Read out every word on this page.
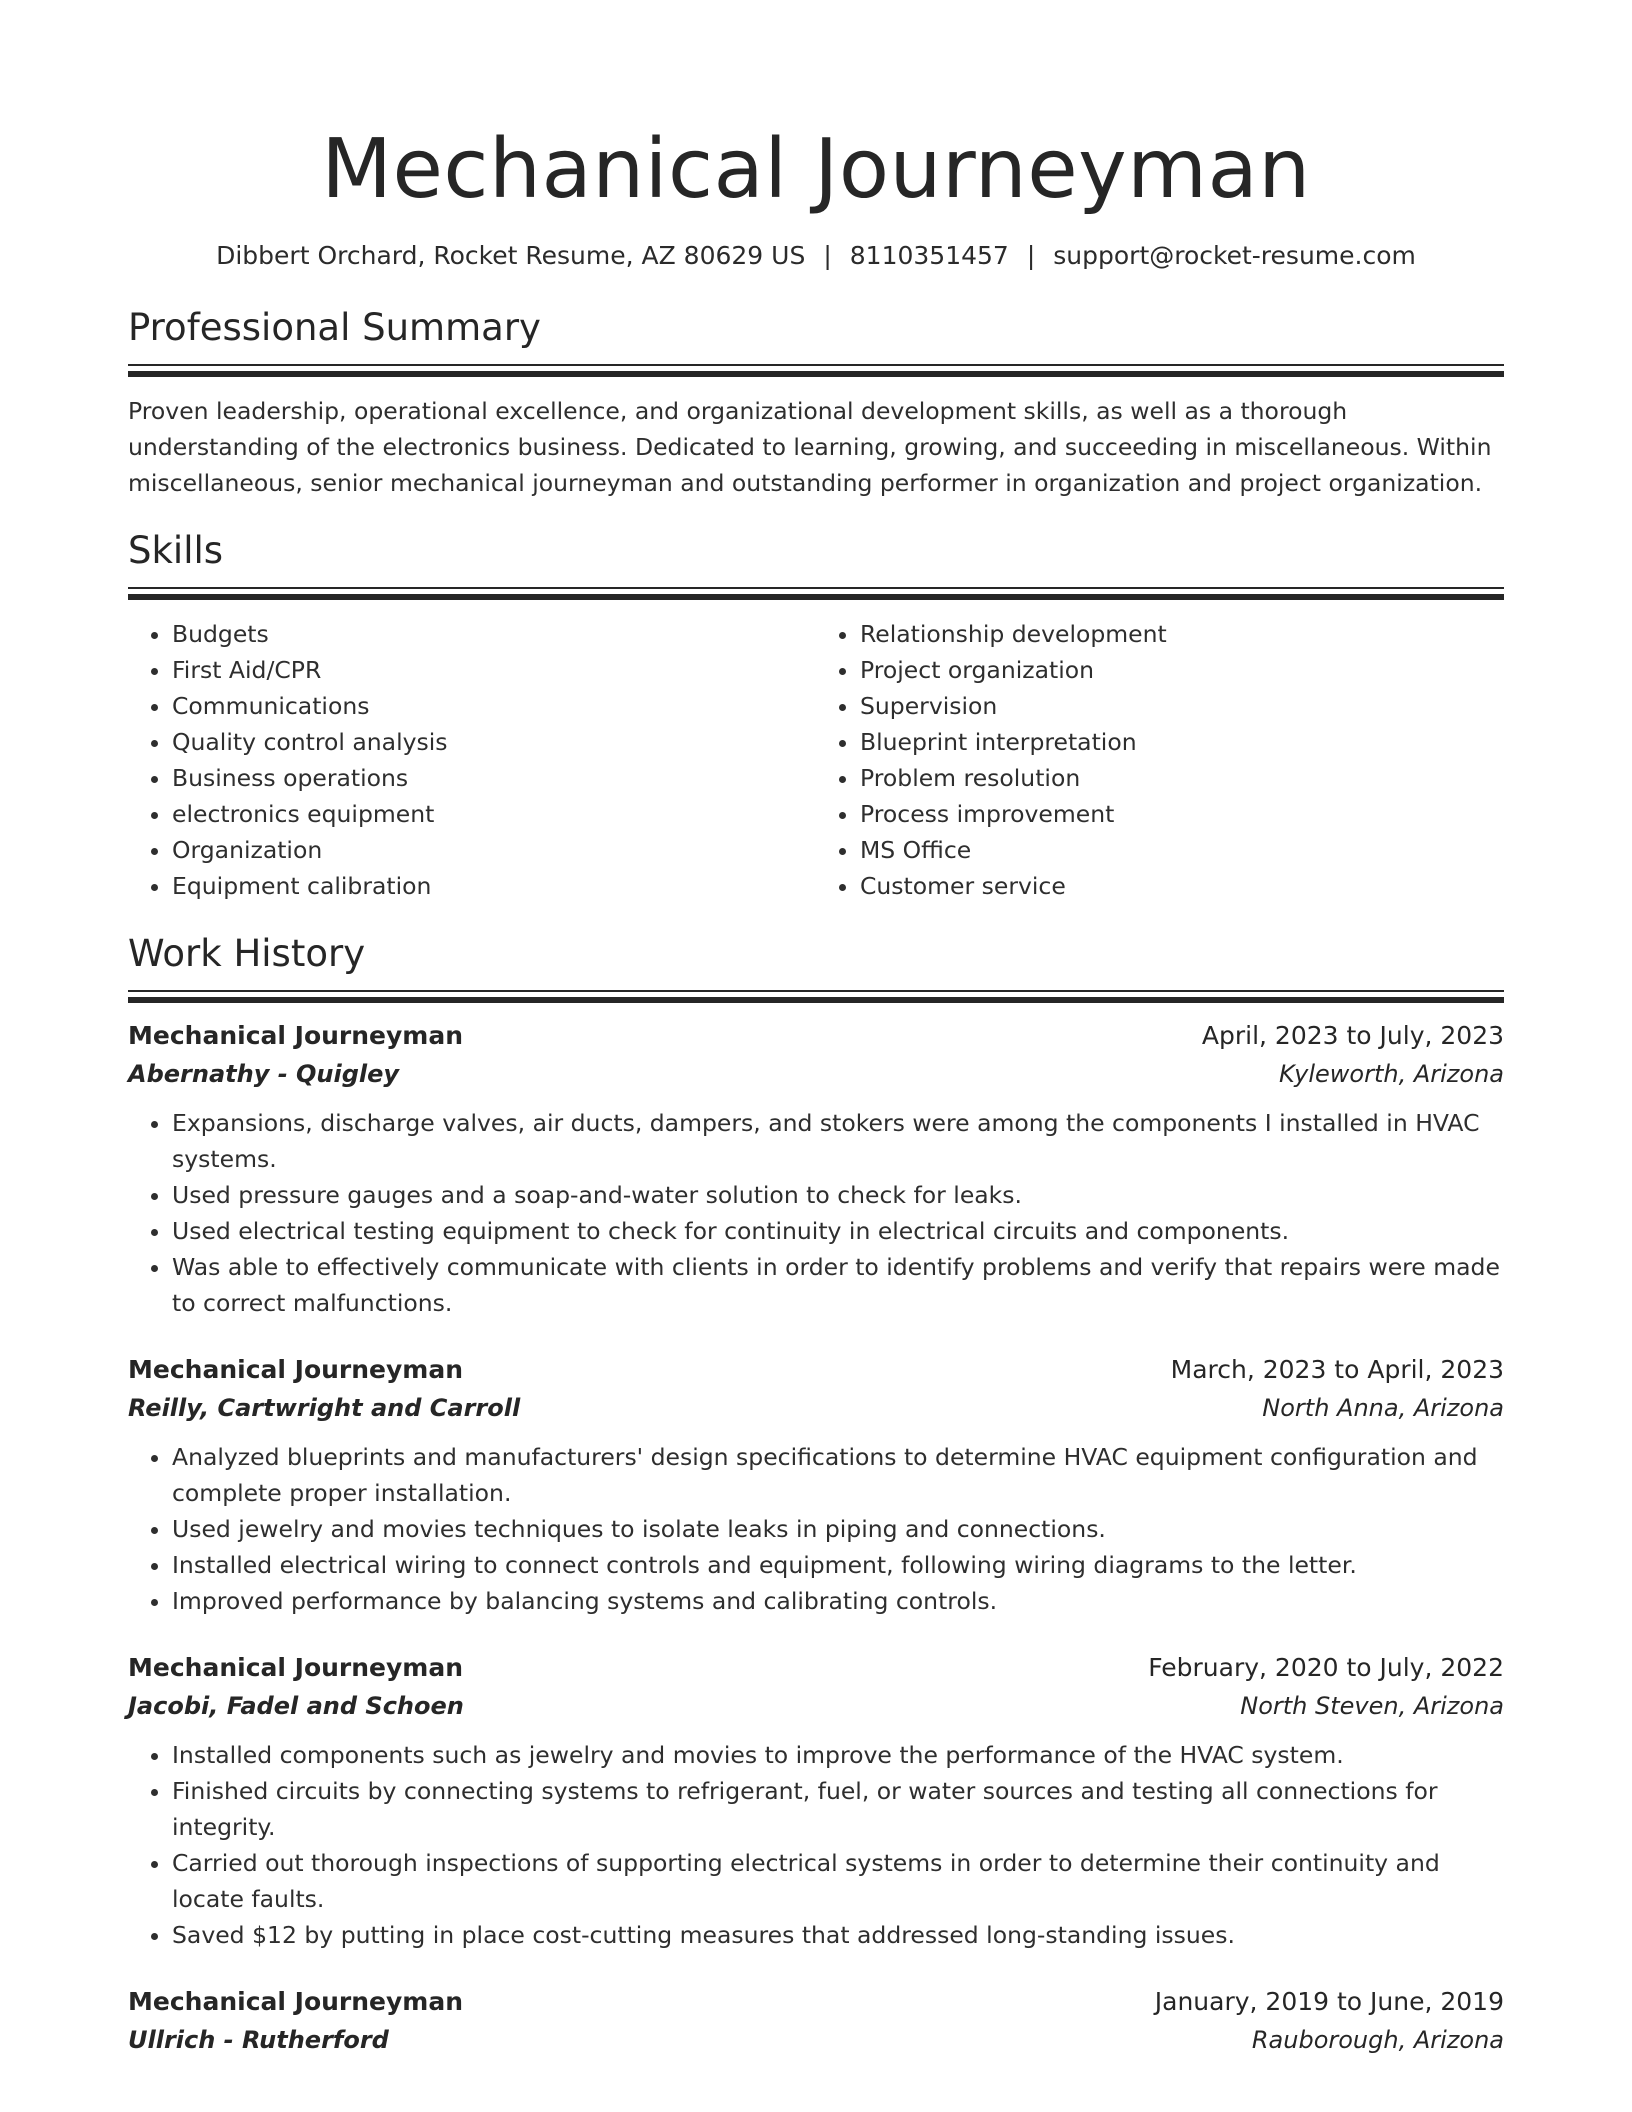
Mechanical Journeyman
Dibbert Orchard, Rocket Resume, AZ 80629 US | 8110351457 | support@rocket-resume.com
Professional Summary

Proven leadership, operational excellence, and organizational development skills, as well as a thorough understanding of the electronics business. Dedicated to learning, growing, and succeeding in miscellaneous. Within miscellaneous, senior mechanical journeyman and outstanding performer in organization and project organization.

Skills
• Budgets
• First Aid/CPR
• Communications
• Quality control analysis
• Business operations
• electronics equipment
• Organization
• Equipment calibration
• Relationship development
• Project organization
• Supervision
• Blueprint interpretation
• Problem resolution
• Process improvement
• MS Office
• Customer service
Work History
Mechanical Journeyman	April, 2023 to July, 2023
Abernathy - Quigley	Kyleworth, Arizona
• Expansions, discharge valves, air ducts, dampers, and stokers were among the components I installed in HVAC systems.
• Used pressure gauges and a soap-and-water solution to check for leaks.
• Used electrical testing equipment to check for continuity in electrical circuits and components.
• Was able to effectively communicate with clients in order to identify problems and verify that repairs were made to correct malfunctions.
Mechanical Journeyman	March, 2023 to April, 2023
Reilly, Cartwright and Carroll	North Anna, Arizona
• Analyzed blueprints and manufacturers' design specifications to determine HVAC equipment configuration and complete proper installation.
• Used jewelry and movies techniques to isolate leaks in piping and connections.
• Installed electrical wiring to connect controls and equipment, following wiring diagrams to the letter.
• Improved performance by balancing systems and calibrating controls.
Mechanical Journeyman	February, 2020 to July, 2022
Jacobi, Fadel and Schoen	North Steven, Arizona
• Installed components such as jewelry and movies to improve the performance of the HVAC system.
• Finished circuits by connecting systems to refrigerant, fuel, or water sources and testing all connections for integrity.
• Carried out thorough inspections of supporting electrical systems in order to determine their continuity and locate faults.
• Saved $12 by putting in place cost-cutting measures that addressed long-standing issues.
Mechanical Journeyman	January, 2019 to June, 2019
Ullrich - Rutherford	Rauborough, Arizona
